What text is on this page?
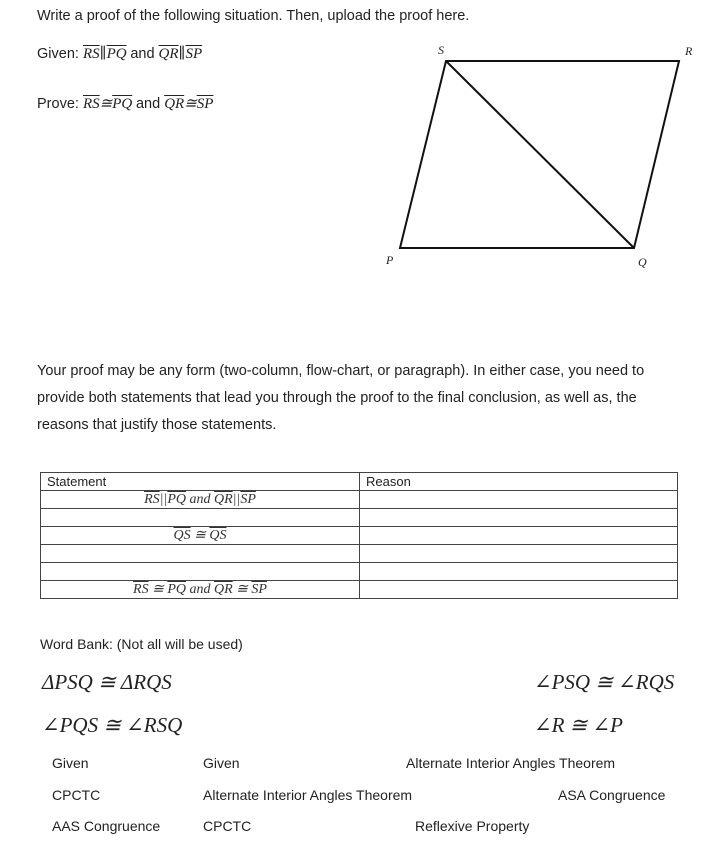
Write a proof of the following situation. Then, upload the proof here.
Given: $\overline{RS}\parallel\overline{PQ}$ and $\overline{QR}\parallel\overline{SP}$
Prove: $\overline{RS}≅\overline{PQ}$ and $\overline{QR}≅\overline{SP}$
S	R
P	Q
Your proof may be any form (two-column, flow-chart, or paragraph). In either case, you need to provide both statements that lead you through the proof to the final conclusion, as well as, the reasons that justify those statements.
Statement	Reason
$\overline{RS}||\overline{PQ}$ and $\overline{QR}||\overline{SP}$	

$\overline{QS}$ ≅ $\overline{QS}$	

$\overline{RS}$ ≅ $\overline{PQ}$ and $\overline{QR}$ ≅ $\overline{SP}$	
Word Bank: (Not all will be used)
ΔPSQ ≅ ΔRQS	∠PSQ ≅ ∠RQS
∠PQS ≅ ∠RSQ	∠R ≅ ∠P
Given	Given	Alternate Interior Angles Theorem
CPCTC	Alternate Interior Angles Theorem	ASA Congruence
AAS Congruence	CPCTC	Reflexive Property
